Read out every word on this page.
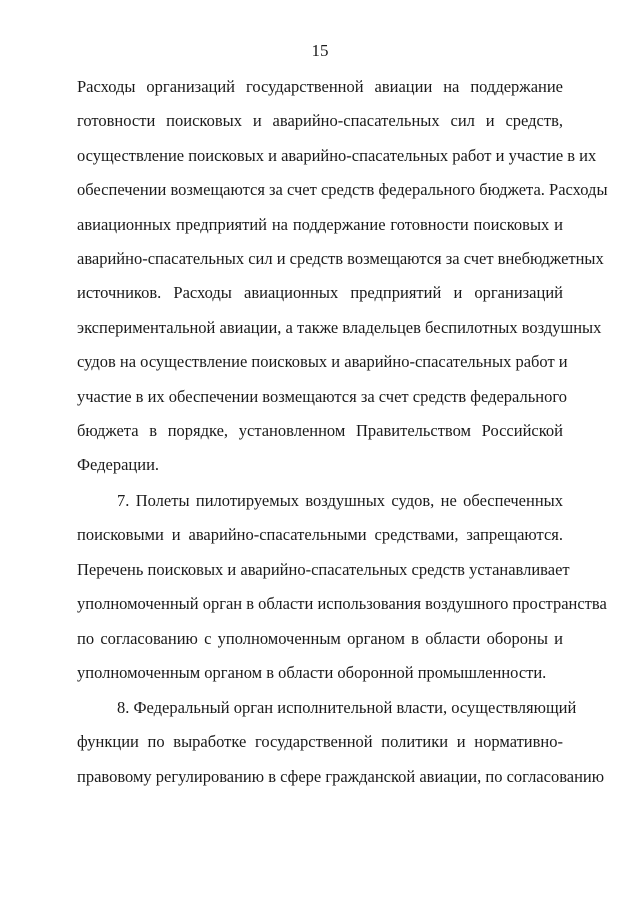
15
Расходы организаций государственной авиации на поддержание
готовности поисковых и аварийно-спасательных сил и средств,
осуществление поисковых и аварийно-спасательных работ и участие в их
обеспечении возмещаются за счет средств федерального бюджета. Расходы
авиационных предприятий на поддержание готовности поисковых и
аварийно-спасательных сил и средств возмещаются за счет внебюджетных
источников. Расходы авиационных предприятий и организаций
экспериментальной авиации, а также владельцев беспилотных воздушных
судов на осуществление поисковых и аварийно-спасательных работ и
участие в их обеспечении возмещаются за счет средств федерального
бюджета в порядке, установленном Правительством Российской
Федерации.
7. Полеты пилотируемых воздушных судов, не обеспеченных
поисковыми и аварийно-спасательными средствами, запрещаются.
Перечень поисковых и аварийно-спасательных средств устанавливает
уполномоченный орган в области использования воздушного пространства
по согласованию с уполномоченным органом в области обороны и
уполномоченным органом в области оборонной промышленности.
8. Федеральный орган исполнительной власти, осуществляющий
функции по выработке государственной политики и нормативно-
правовому регулированию в сфере гражданской авиации, по согласованию
